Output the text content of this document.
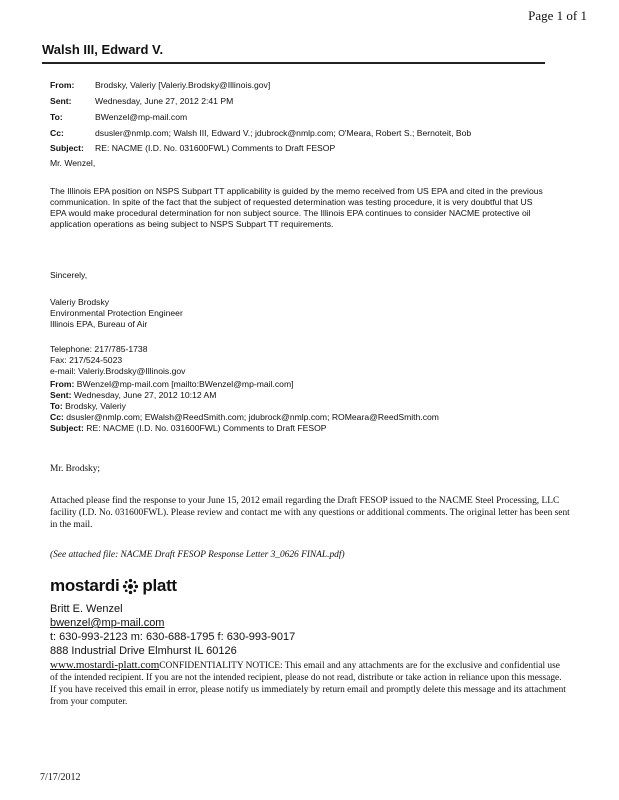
Page 1 of 1
Walsh III, Edward V.
From: Brodsky, Valeriy [Valeriy.Brodsky@Illinois.gov]
Sent:	Wednesday, June 27, 2012 2:41 PM
To:	BWenzel@mp-mail.com
Cc:	dsusler@nmlp.com; Walsh III, Edward V.; jdubrock@nmlp.com; O'Meara, Robert S.; Bernoteit, Bob
Subject: RE: NACME (I.D. No. 031600FWL) Comments to Draft FESOP
Mr. Wenzel,
The Illinois EPA position on NSPS Subpart TT applicability is guided by the memo received from US EPA and cited in the previous communication. In spite of the fact that the subject of requested determination was testing procedure, it is very doubtful that US EPA would make procedural determination for non subject source. The Illinois EPA continues to consider NACME protective oil application operations as being subject to NSPS Subpart TT requirements.
Sincerely,
Valeriy Brodsky
Environmental Protection Engineer
Illinois EPA, Bureau of Air
Telephone: 217/785-1738
Fax: 217/524-5023
e-mail: Valeriy.Brodsky@Illinois.gov
From: BWenzel@mp-mail.com [mailto:BWenzel@mp-mail.com]
Sent: Wednesday, June 27, 2012 10:12 AM
To: Brodsky, Valeriy
Cc: dsusler@nmlp.com; EWalsh@ReedSmith.com; jdubrock@nmlp.com; ROMeara@ReedSmith.com
Subject: RE: NACME (I.D. No. 031600FWL) Comments to Draft FESOP
Mr. Brodsky;
Attached please find the response to your June 15, 2012 email regarding the Draft FESOP issued to the NACME Steel Processing, LLC facility (I.D. No. 031600FWL). Please review and contact me with any questions or additional comments. The original letter has been sent in the mail.
(See attached file: NACME Draft FESOP Response Letter 3_0626 FINAL.pdf)
mostardi platt
Britt E. Wenzel
bwenzel@mp-mail.com
t: 630-993-2123 m: 630-688-1795 f: 630-993-9017
888 Industrial Drive Elmhurst IL 60126
www.mostardi-platt.comCONFIDENTIALITY NOTICE: This email and any attachments are for the exclusive and confidential use of the intended recipient. If you are not the intended recipient, please do not read, distribute or take action in reliance upon this message. If you have received this email in error, please notify us immediately by return email and promptly delete this message and its attachment from your computer.
7/17/2012
